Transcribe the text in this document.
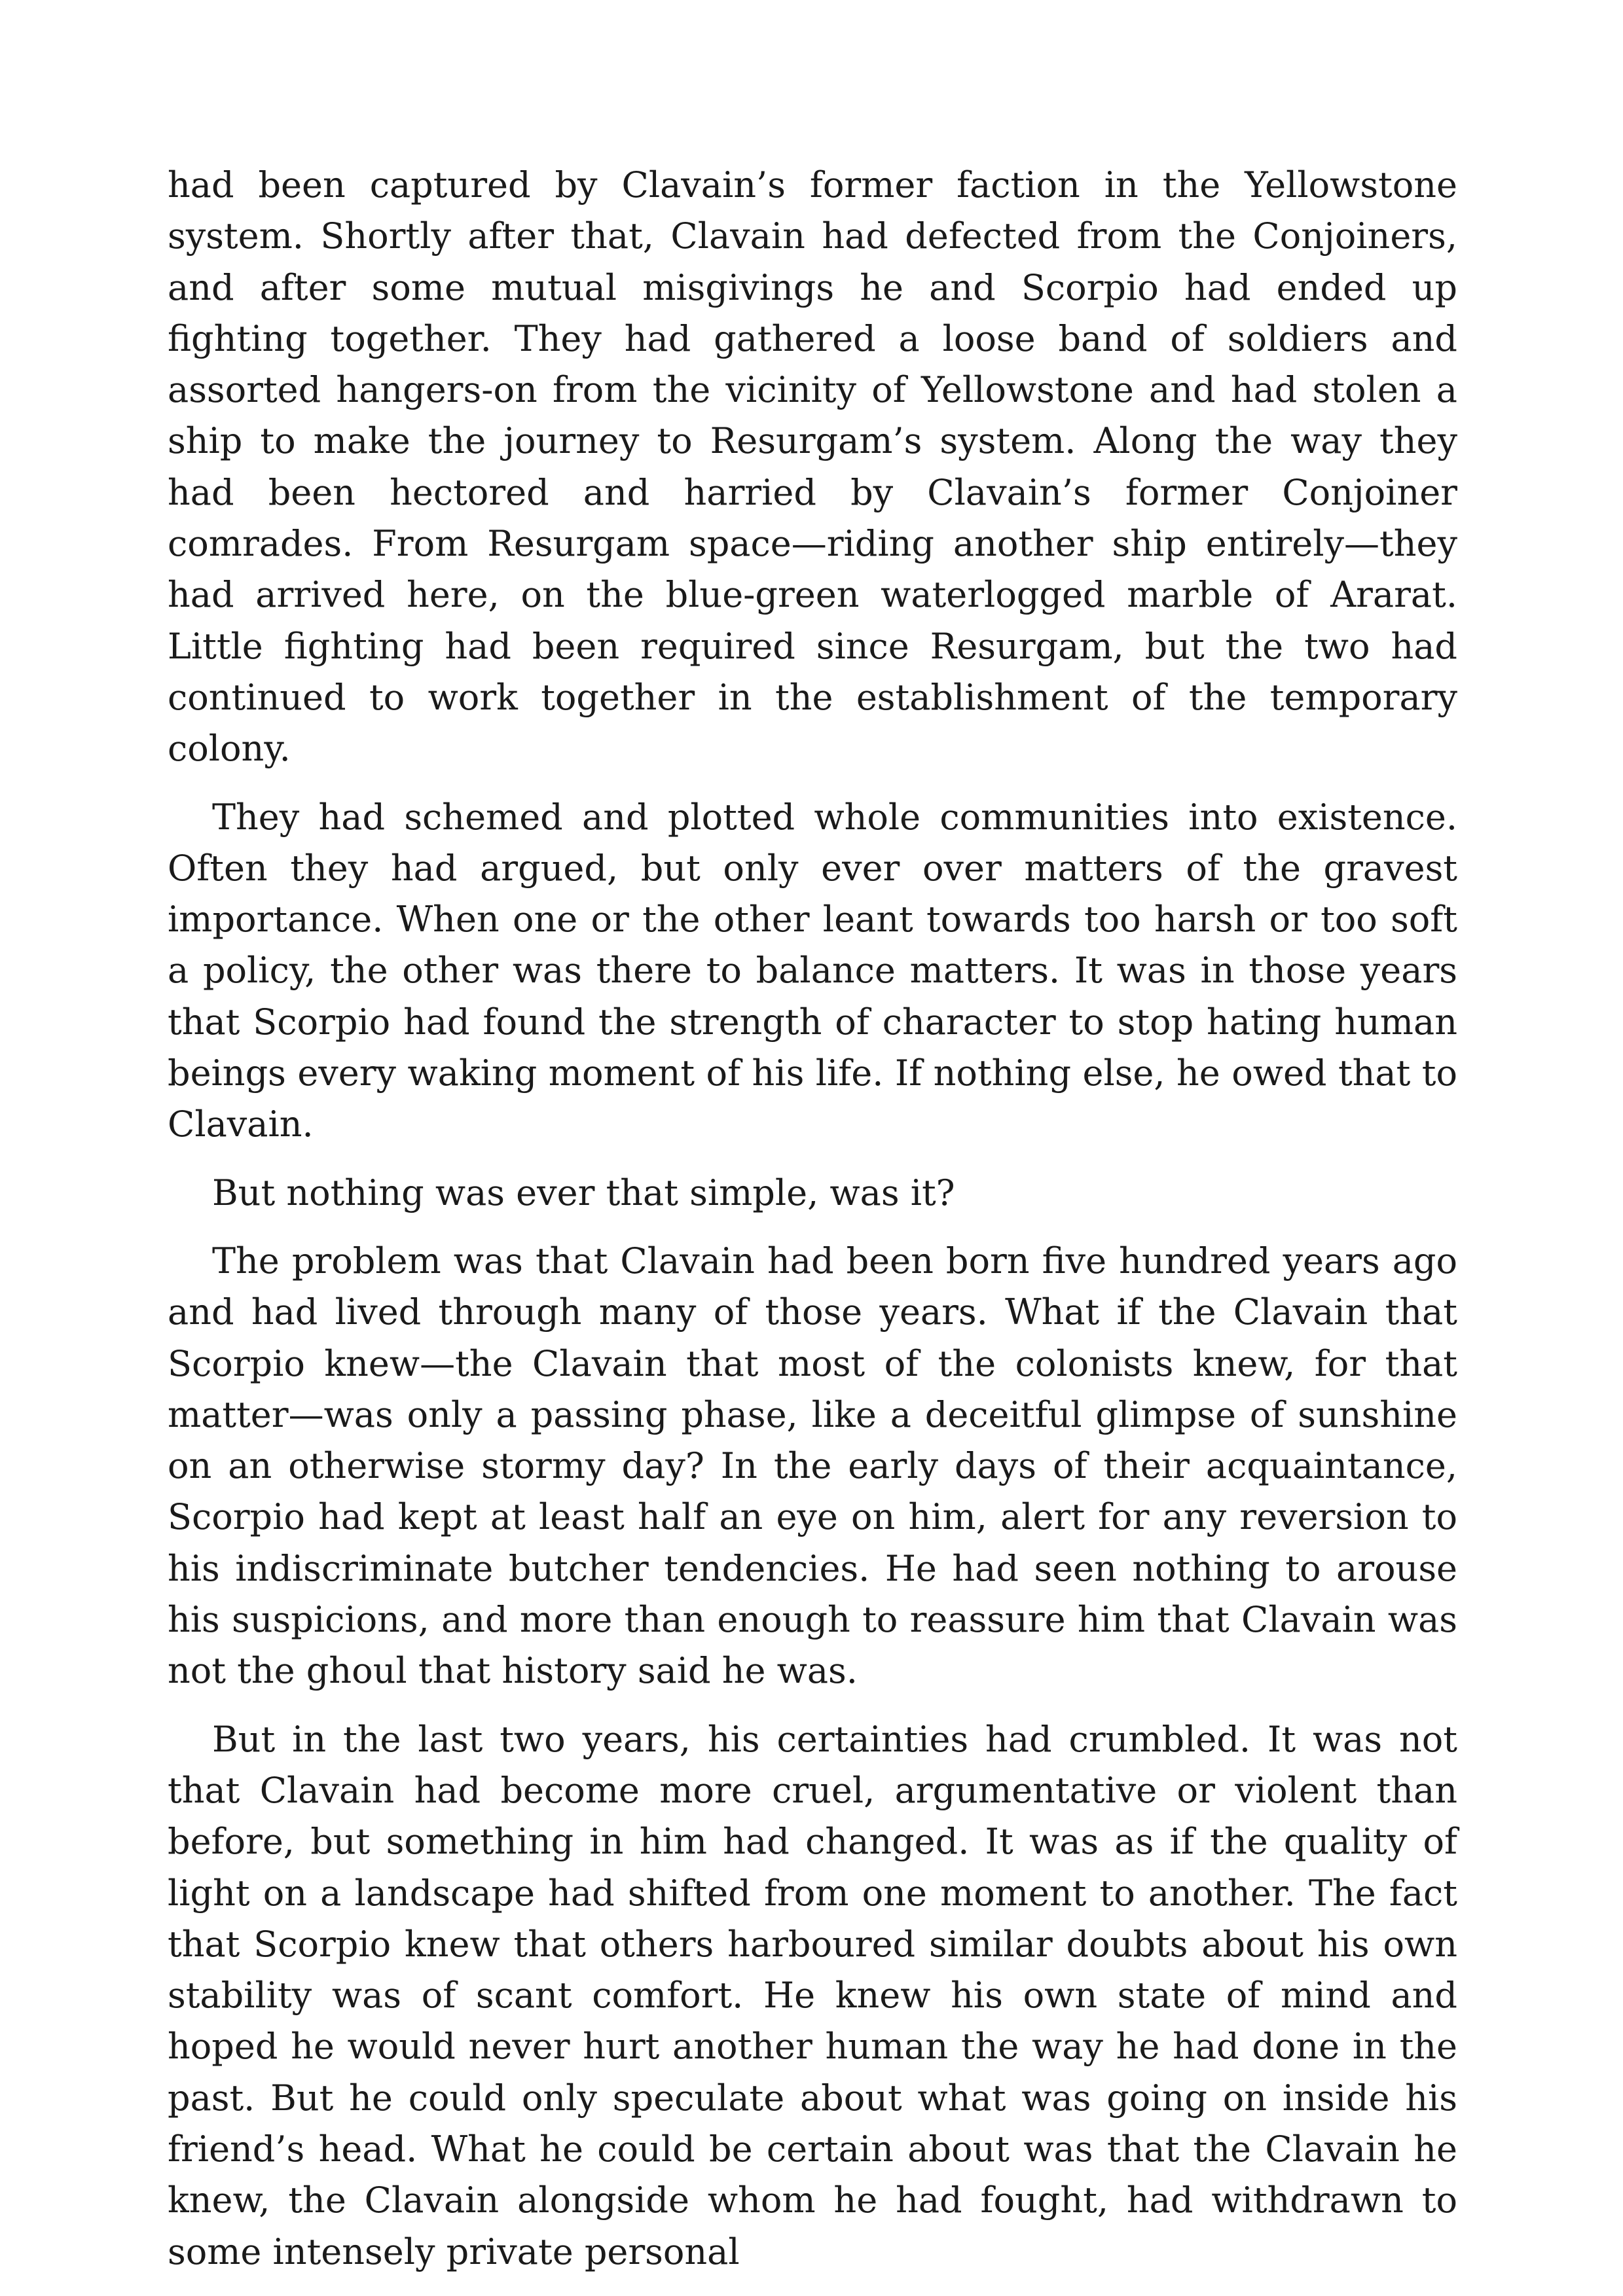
had been captured by Clavain’s former faction in the Yellowstone system. Shortly after that, Clavain had defected from the Conjoiners, and after some mutual misgivings he and Scorpio had ended up fighting together. They had gathered a loose band of soldiers and assorted hangers-on from the vicinity of Yellowstone and had stolen a ship to make the journey to Resurgam’s system. Along the way they had been hectored and harried by Clavain’s former Conjoiner comrades. From Resurgam space—riding another ship entirely—they had arrived here, on the blue-green waterlogged marble of Ararat. Little fighting had been required since Resurgam, but the two had continued to work together in the establishment of the temporary colony.

They had schemed and plotted whole communities into existence. Often they had argued, but only ever over matters of the gravest importance. When one or the other leant towards too harsh or too soft a policy, the other was there to balance matters. It was in those years that Scorpio had found the strength of character to stop hating human beings every waking moment of his life. If nothing else, he owed that to Clavain.

But nothing was ever that simple, was it?

The problem was that Clavain had been born five hundred years ago and had lived through many of those years. What if the Clavain that Scorpio knew—the Clavain that most of the colonists knew, for that matter—was only a passing phase, like a deceitful glimpse of sunshine on an otherwise stormy day? In the early days of their acquaintance, Scorpio had kept at least half an eye on him, alert for any reversion to his indiscriminate butcher tendencies. He had seen nothing to arouse his suspicions, and more than enough to reassure him that Clavain was not the ghoul that history said he was.

But in the last two years, his certainties had crumbled. It was not that Clavain had become more cruel, argumentative or violent than before, but something in him had changed. It was as if the quality of light on a landscape had shifted from one moment to another. The fact that Scorpio knew that others harboured similar doubts about his own stability was of scant comfort. He knew his own state of mind and hoped he would never hurt another human the way he had done in the past. But he could only speculate about what was going on inside his friend’s head. What he could be certain about was that the Clavain he knew, the Clavain alongside whom he had fought, had withdrawn to some intensely private personal
